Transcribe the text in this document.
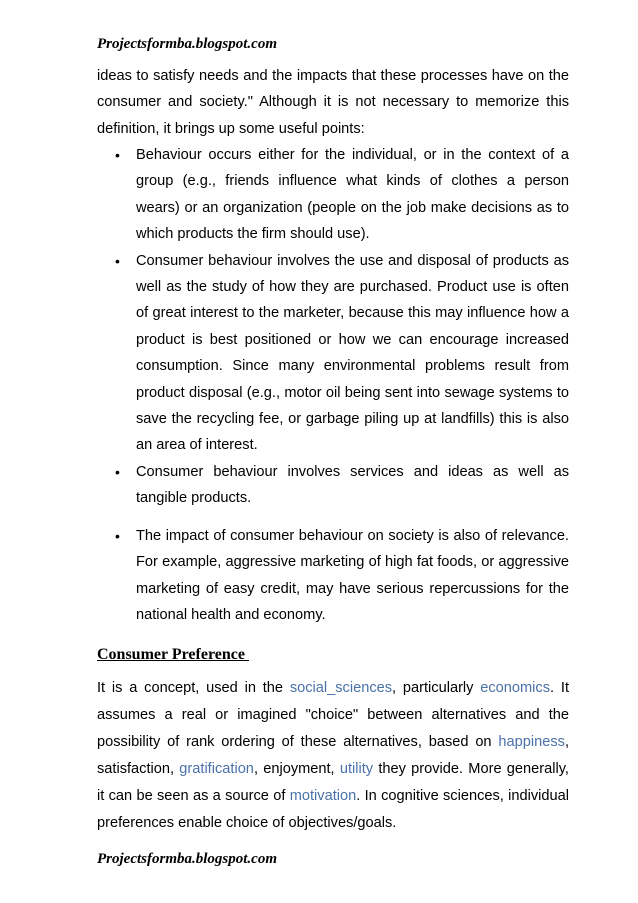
Projectsformba.blogspot.com

ideas to satisfy needs and the impacts that these processes have on the consumer and society." Although it is not necessary to memorize this definition, it brings up some useful points:

• Behaviour occurs either for the individual, or in the context of a group (e.g., friends influence what kinds of clothes a person wears) or an organization (people on the job make decisions as to which products the firm should use).
• Consumer behaviour involves the use and disposal of products as well as the study of how they are purchased. Product use is often of great interest to the marketer, because this may influence how a product is best positioned or how we can encourage increased consumption. Since many environmental problems result from product disposal (e.g., motor oil being sent into sewage systems to save the recycling fee, or garbage piling up at landfills) this is also an area of interest.
• Consumer behaviour involves services and ideas as well as tangible products.
• The impact of consumer behaviour on society is also of relevance. For example, aggressive marketing of high fat foods, or aggressive marketing of easy credit, may have serious repercussions for the national health and economy.
Consumer Preference

It is a concept, used in the social_sciences, particularly economics. It assumes a real or imagined "choice" between alternatives and the possibility of rank ordering of these alternatives, based on happiness, satisfaction, gratification, enjoyment, utility they provide. More generally, it can be seen as a source of motivation. In cognitive sciences, individual preferences enable choice of objectives/goals.

Projectsformba.blogspot.com
